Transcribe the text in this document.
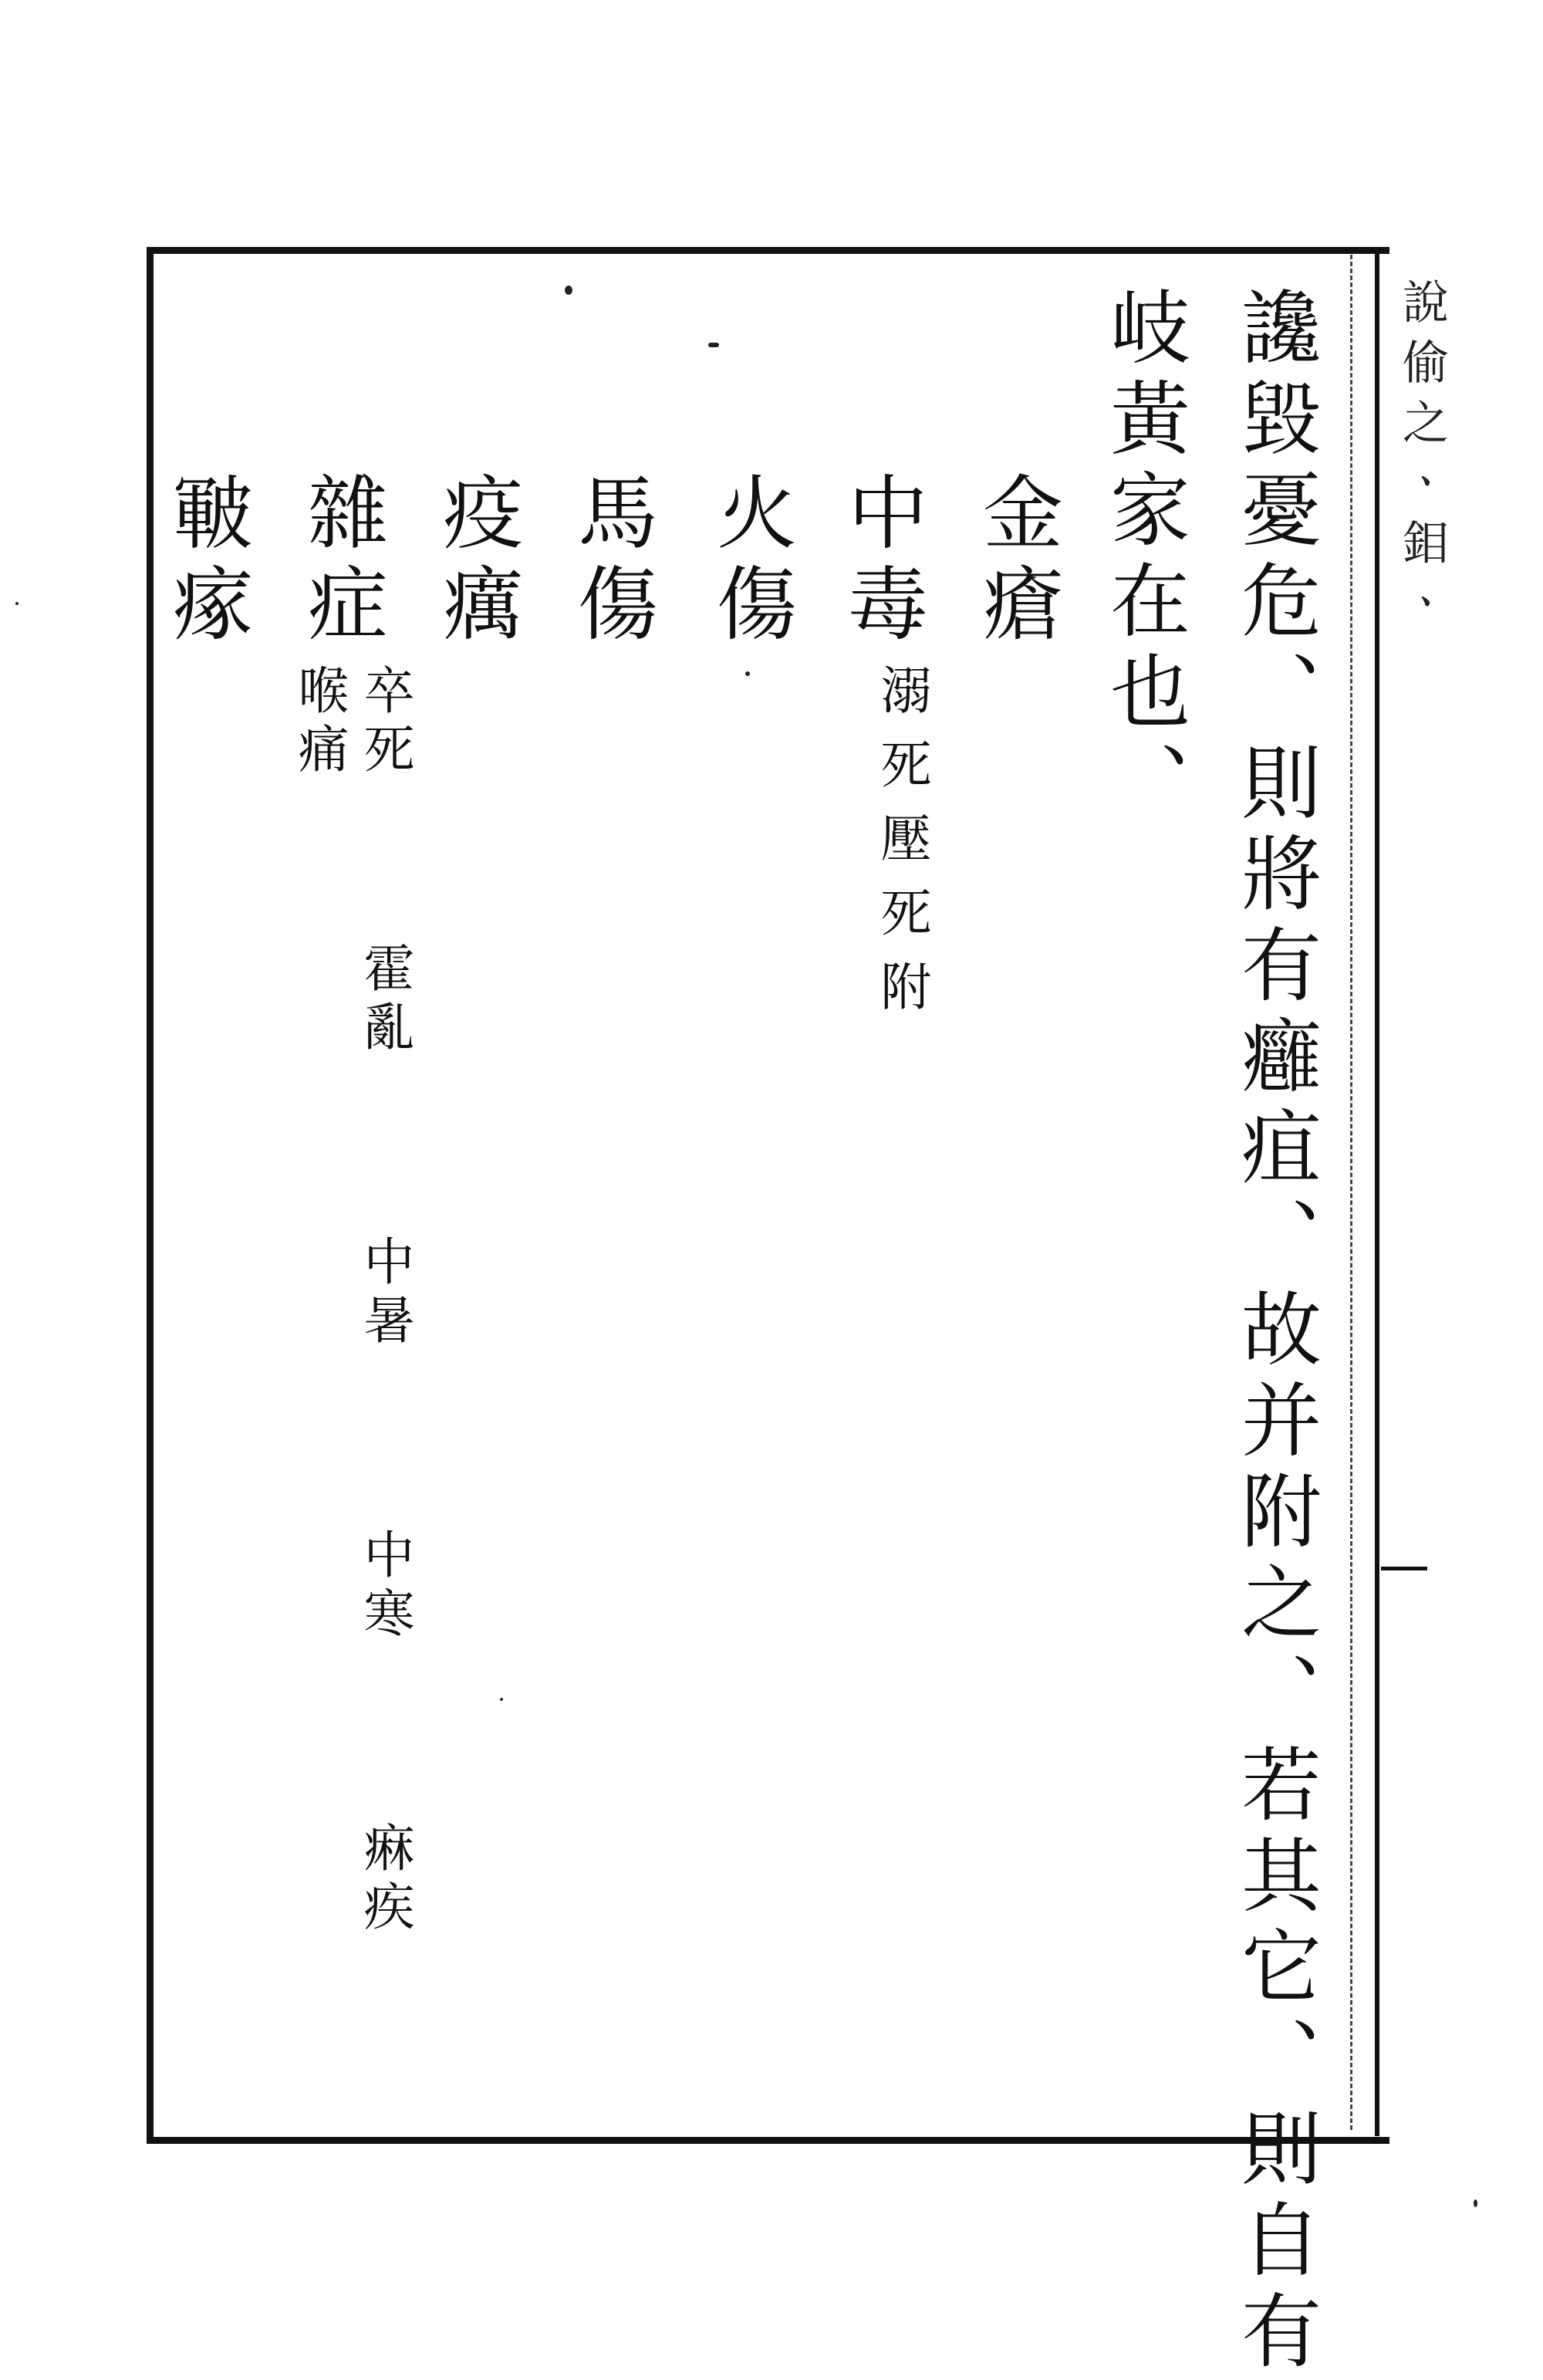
說偷之ㆍ鉬ㆍ
讒毀憂危、則將有癰疽、故并附之、若其它、則自有
岐黃家在也、
金瘡
中毒
溺死壓死附
火傷
馬傷
疫癘
雜症
喉痛 卒死
霍亂
中暑
中寒
痳疾
皸瘃
